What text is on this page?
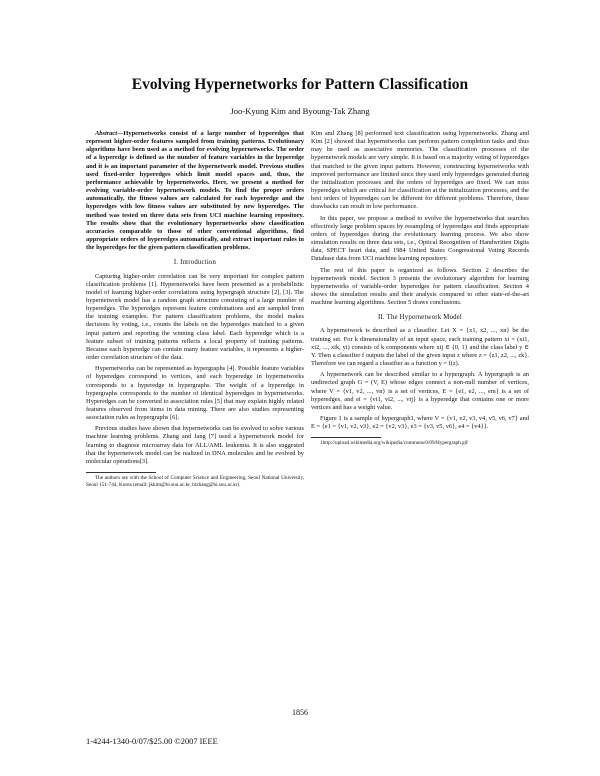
Evolving Hypernetworks for Pattern Classification
Joo-Kyung Kim and Byoung-Tak Zhang

Abstract—Hypernetworks consist of a large number of hyperedges that represent higher-order features sampled from training patterns. Evolutionary algorithms have been used as a method for evolving hypernetworks. The order of a hyperedge is defined as the number of feature variables in the hyperedge and it is an important parameter of the hypernetwork model. Previous studies used fixed-order hyperedges which limit model spaces and, thus, the performance achievable by hypernetworks. Here, we present a method for evolving variable-order hypernetwork models. To find the proper orders automatically, the fitness values are calculated for each hyperedge and the hyperedges with low fitness values are substituted by new hyperedges. The method was tested on three data sets from UCI machine learning repository. The results show that the evolutionary hypernetworks show classification accuracies comparable to those of other conventional algorithms, find appropriate orders of hyperedges automatically, and extract important rules in the hyperedges for the given pattern classification problems.

I. Introduction

Capturing higher-order correlation can be very important for complex pattern classification problems [1]. Hypernetworks have been presented as a probabilistic model of learning higher-order correlations using hypergraph structure [2], [3]. The hypernetwork model has a random graph structure consisting of a large number of hyperedges. The hyperedges represent feature combinations and are sampled from the training examples. For pattern classification problems, the model makes decisions by voting, i.e., counts the labels on the hyperedges matched to a given input pattern and reporting the winning class label. Each hyperedge which is a feature subset of training patterns reflects a local property of training patterns. Because each hyperedge can contain many feature variables, it represents a higher-order correlation structure of the data.

Hypernetworks can be represented as hypergraphs [4]. Possible feature variables of hyperedges correspond to vertices, and each hyperedge in hypernetworks corresponds to a hyperedge in hypergraphs. The weight of a hyperedge in hypergraphs corresponds to the number of identical hyperedges in hypernetworks. Hyperedges can be converted to association rules [5] that may explain highly related features observed from items in data mining. There are also studies representing association rules as hypergraphs [6].

Previous studies have shown that hypernetworks can be evolved to solve various machine learning problems. Zhang and Jang [7] used a hypernetwork model for learning to diagnose microarray data for ALL/AML leukemia. It is also suggested that the hypernetwork model can be realized in DNA molecules and be evolved by molecular operations[3].

The authors are with the School of Computer Science and Engineering, Seoul National University, Seoul 151-744, Korea (email: jkkim@bi.snu.ac.kr, btzhang@bi.snu.ac.kr).

Kim and Zhang [8] performed text classification using hypernetworks. Zhang and Kim [2] showed that hypernetworks can perform pattern completion tasks and thus may be used as associative memories. The classification processes of the hypernetwork models are very simple. It is based on a majority voting of hyperedges that matched to the given input pattern. However, constructing hypernetworks with improved performance are limited since they used only hyperedges generated during the initialization processes and the orders of hyperedges are fixed. We can miss hyperedges which are critical for classification at the initialization processes, and the best orders of hyperedges can be different for different problems. Therefore, these drawbacks can result in low performance.

In this paper, we propose a method to evolve the hypernetworks that searches effectively large problem spaces by resampling of hyperedges and finds appropriate orders of hyperedges during the evolutionary learning process. We also show simulation results on three data sets, i.e., Optical Recognition of Handwritten Digits data, SPECT heart data, and 1984 United States Congressional Voting Records Database data from UCI machine learning repository.

The rest of this paper is organized as follows. Section 2 describes the hypernetwork model. Section 3 presents the evolutionary algorithm for learning hypernetworks of variable-order hyperedges for pattern classification. Section 4 shows the simulation results and their analysis compared to other state-of-the-art machine learning algorithms. Section 5 draws conclusions.

II. The Hypernetwork Model

A hypernetwork is described as a classifier. Let X = {x1, x2, ..., xn} be the training set. For k dimensionality of an input space, each training pattern xi = (xi1, xi2, ..., xik, yi) consists of k components where xij ∈ {0, 1} and the class label y ∈ Y. Then a classifier f outputs the label of the given input z where z = {z1, z2, ..., zk}. Therefore we can regard a classifier as a function y = f(z).

A hypernetwork can be described similar to a hypergraph. A hypergraph is an undirected graph G = (V, E) whose edges connect a non-null number of vertices, where V = {v1, v2, ..., vn} is a set of vertices, E = {e1, e2, ..., em} is a set of hyperedges, and ei = {vi1, vi2, ..., vij} is a hyperedge that contains one or more vertices and has a weight value.

Figure 1 is a sample of hypergraph1, where V = {v1, v2, v3, v4, v5, v6, v7} and E = {e1 = {v1, v2, v3}, e2 = {v2, v3}, e3 = {v3, v5, v6}, e4 = {v4}}.

1http://upload.wikimedia.org/wikipedia/commons/0/09/Hypergraph.gif

1856
1-4244-1340-0/07/$25.00 ©2007 IEEE
